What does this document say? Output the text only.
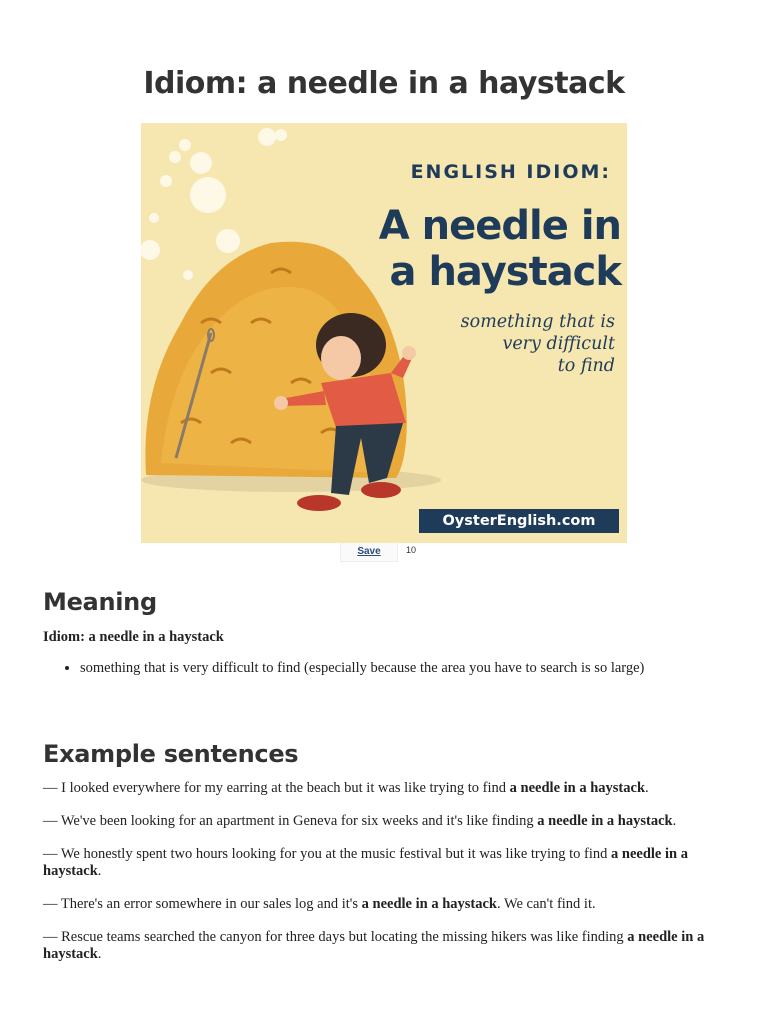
Idiom: a needle in a haystack
ENGLISH IDIOM:
A needle in
a haystack
something that is
very difficult
to find
OysterEnglish.com
Save	10
Meaning

Idiom: a needle in a haystack

• something that is very difficult to find (especially because the area you have to search is so large)
Example sentences

— I looked everywhere for my earring at the beach but it was like trying to find a needle in a haystack.

— We've been looking for an apartment in Geneva for six weeks and it's like finding a needle in a haystack.

— We honestly spent two hours looking for you at the music festival but it was like trying to find a needle in a haystack.

— There's an error somewhere in our sales log and it's a needle in a haystack. We can't find it.

— Rescue teams searched the canyon for three days but locating the missing hikers was like finding a needle in a haystack.
